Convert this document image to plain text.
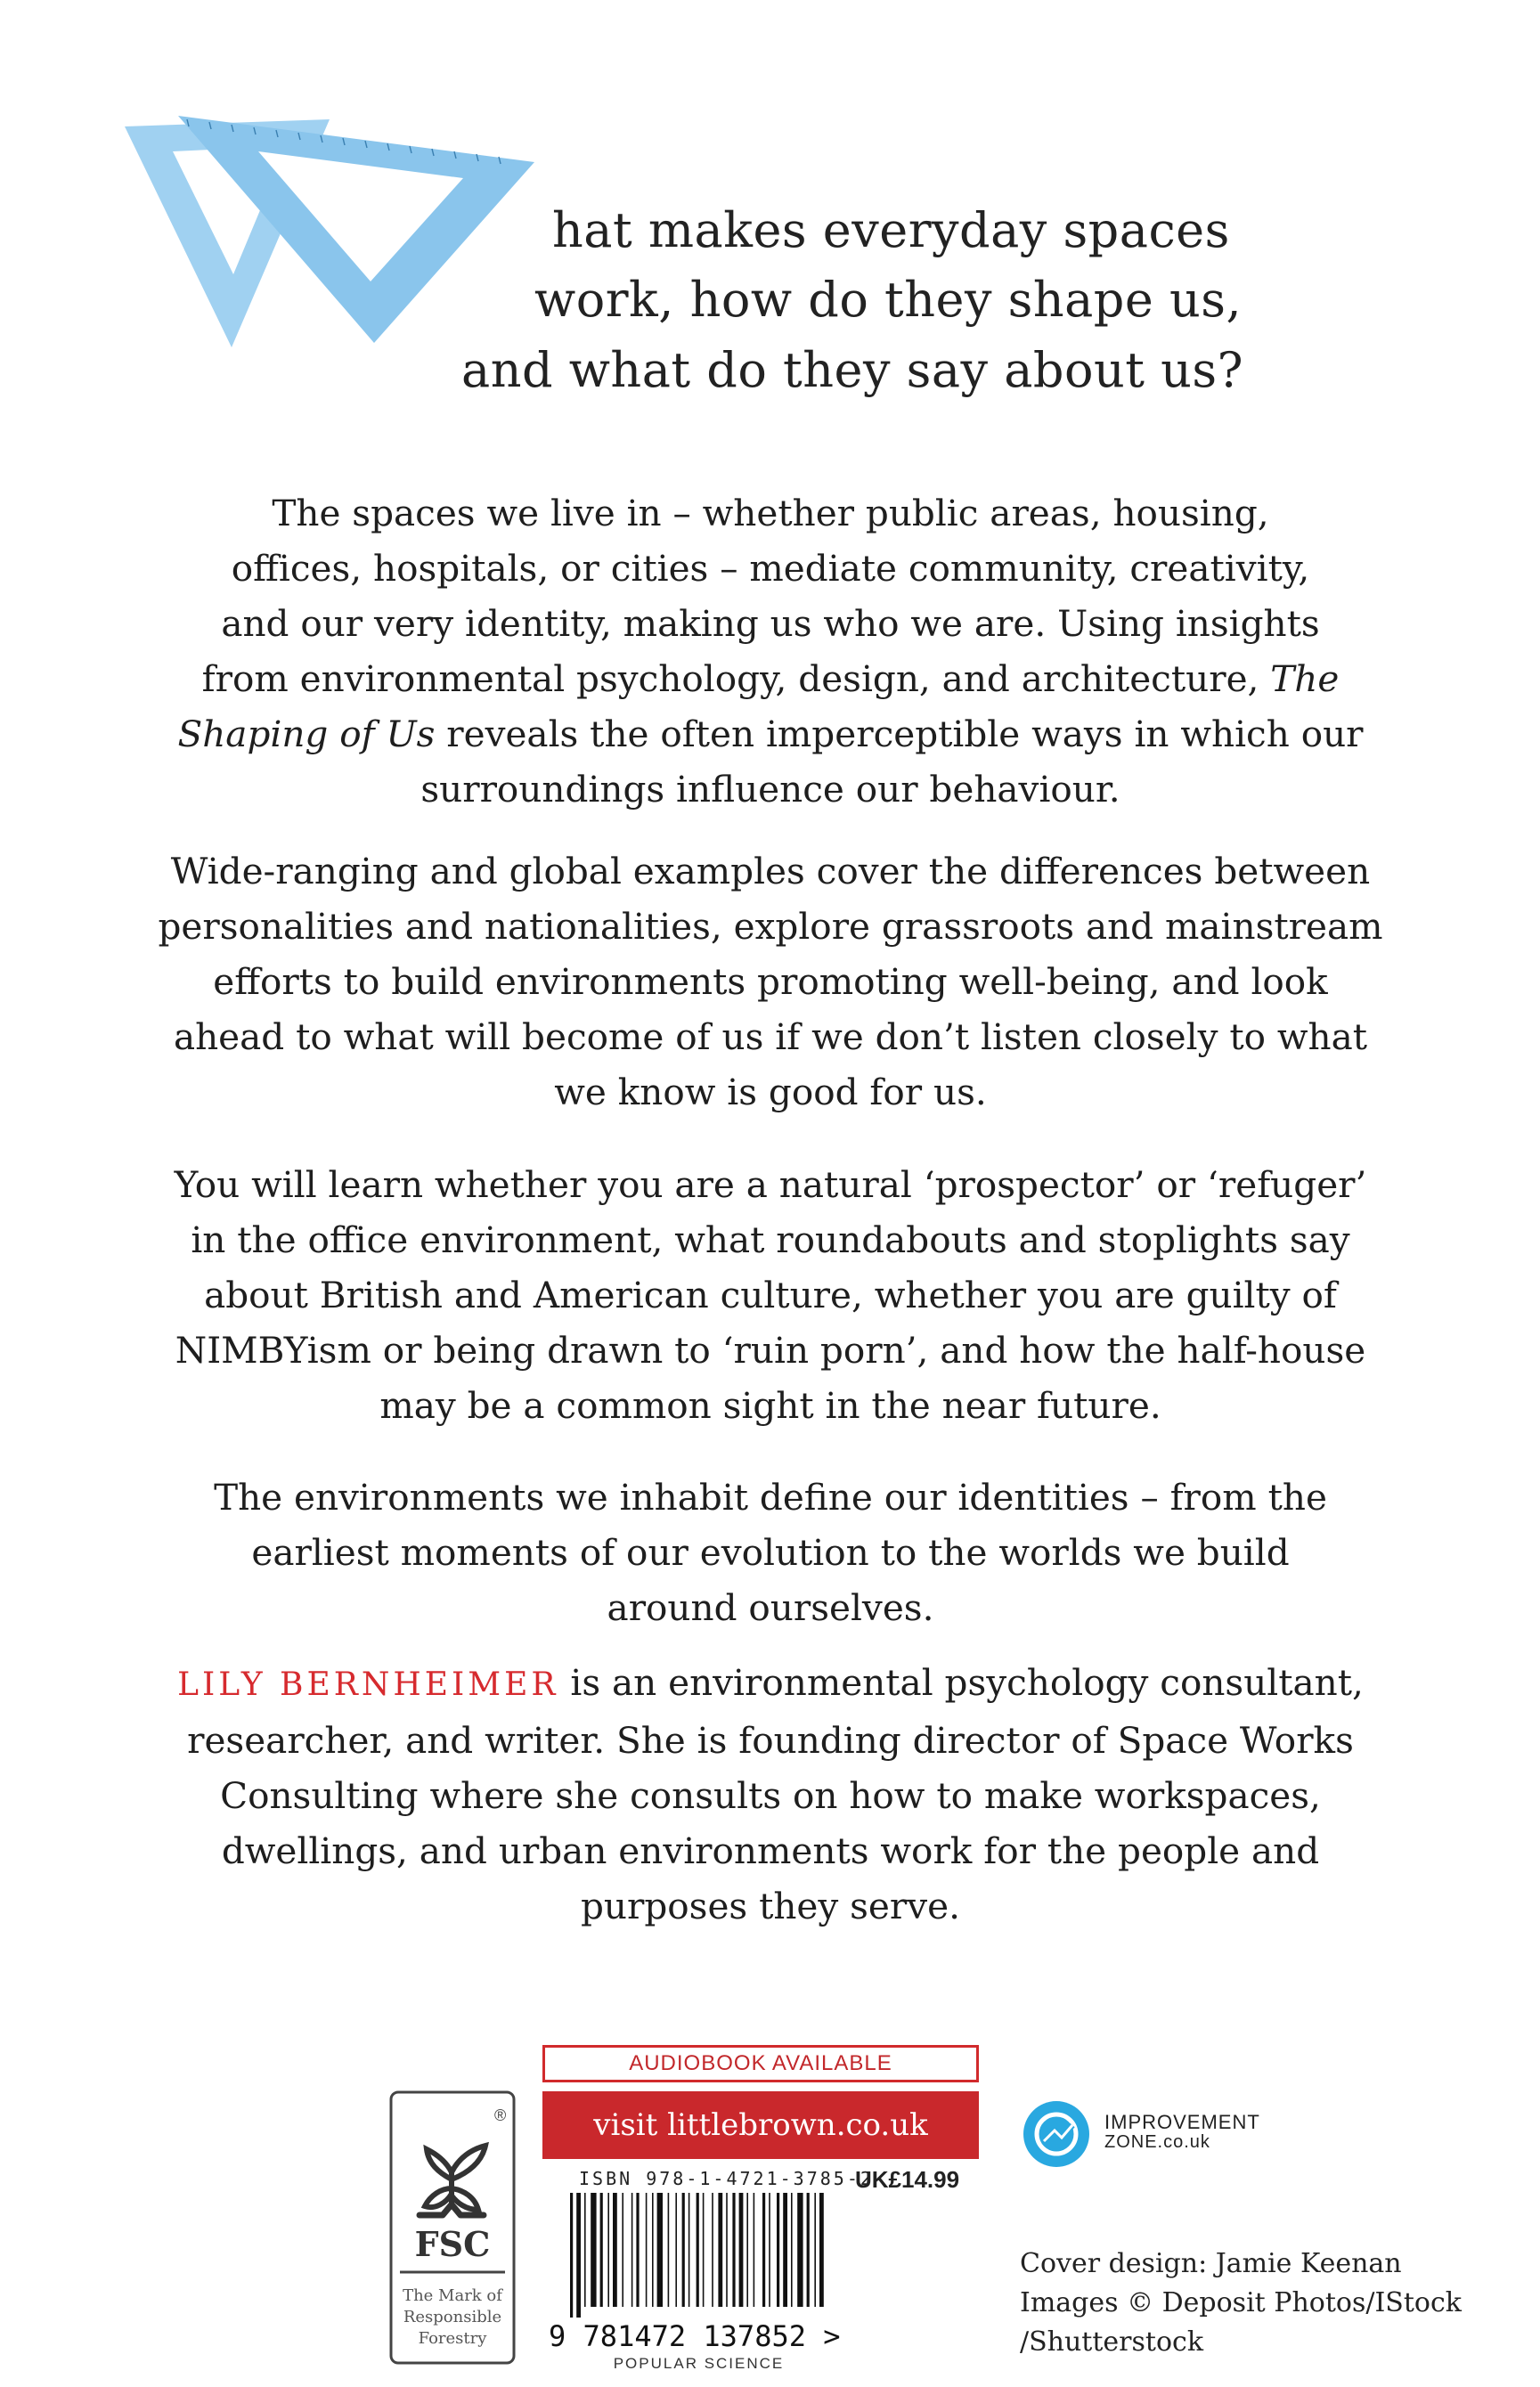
hat makes everyday spaces
work, how do they shape us,
and what do they say about us?

The spaces we live in – whether public areas, housing,
offices, hospitals, or cities – mediate community, creativity,
and our very identity, making us who we are. Using insights
from environmental psychology, design, and architecture, The
Shaping of Us reveals the often imperceptible ways in which our
surroundings influence our behaviour.

Wide-ranging and global examples cover the differences between
personalities and nationalities, explore grassroots and mainstream
efforts to build environments promoting well-being, and look
ahead to what will become of us if we don’t listen closely to what
we know is good for us.

You will learn whether you are a natural ‘prospector’ or ‘refuger’
in the office environment, what roundabouts and stoplights say
about British and American culture, whether you are guilty of
NIMBYism or being drawn to ‘ruin porn’, and how the half-house
may be a common sight in the near future.

The environments we inhabit define our identities – from the
earliest moments of our evolution to the worlds we build
around ourselves.

LILY BERNHEIMER is an environmental psychology consultant,
researcher, and writer. She is founding director of Space Works
Consulting where she consults on how to make workspaces,
dwellings, and urban environments work for the people and
purposes they serve.

®
FSC
The Mark of
Responsible
Forestry
AUDIOBOOK AVAILABLE
visit littlebrown.co.uk
ISBN 978-1-4721-3785-2
UK£14.99
9 781472 137852 >
POPULAR SCIENCE
IMPROVEMENT
ZONE.co.uk
Cover design: Jamie Keenan
Images © Deposit Photos/IStock
/Shutterstock
